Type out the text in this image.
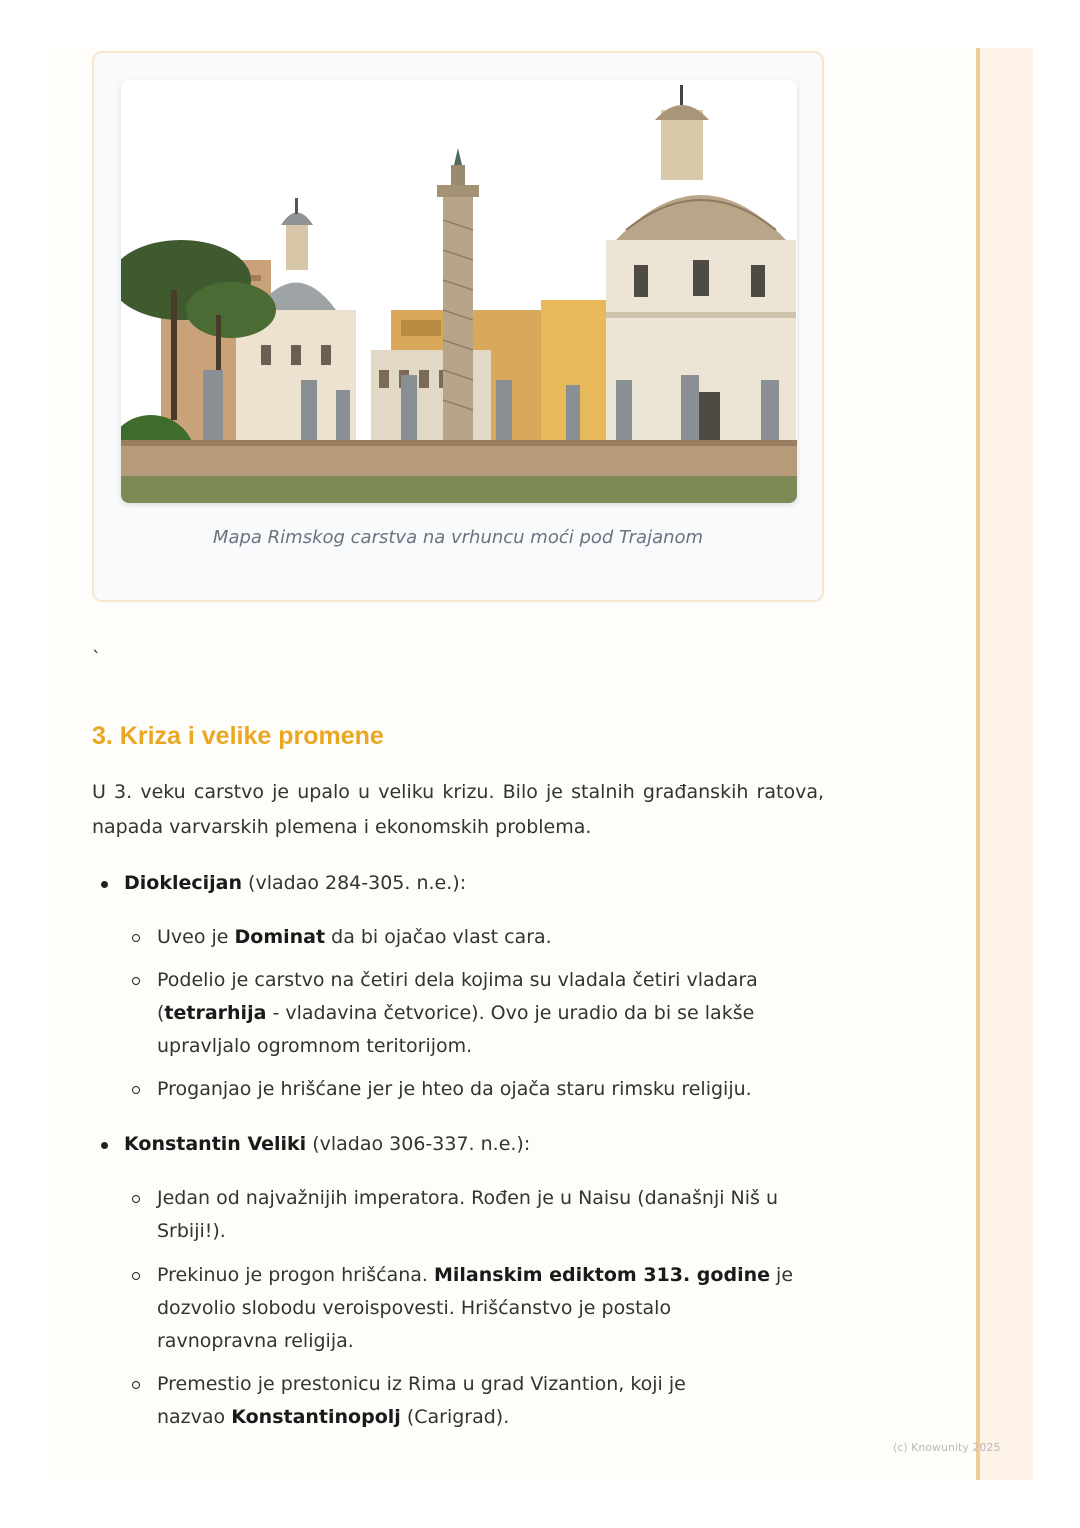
Mapa Rimskog carstva na vrhuncu moći pod Trajanom
`
3. Kriza i velike promene

U 3. veku carstvo je upalo u veliku krizu. Bilo je stalnih građanskih ratova, napada varvarskih plemena i ekonomskih problema.

Dioklecijan (vladao 284-305. n.e.):
Uveo je Dominat da bi ojačao vlast cara.
Podelio je carstvo na četiri dela kojima su vladala četiri vladara (tetrarhija - vladavina četvorice). Ovo je uradio da bi se lakše upravljalo ogromnom teritorijom.
Proganjao je hrišćane jer je hteo da ojača staru rimsku religiju.
Konstantin Veliki (vladao 306-337. n.e.):
Jedan od najvažnijih imperatora. Rođen je u Naisu (današnji Niš u Srbiji!).
Prekinuo je progon hrišćana. Milanskim ediktom 313. godine je dozvolio slobodu veroispovesti. Hrišćanstvo je postalo ravnopravna religija.
Premestio je prestonicu iz Rima u grad Vizantion, koji je nazvao Konstantinopolj (Carigrad).
(c) Knowunity 2025
